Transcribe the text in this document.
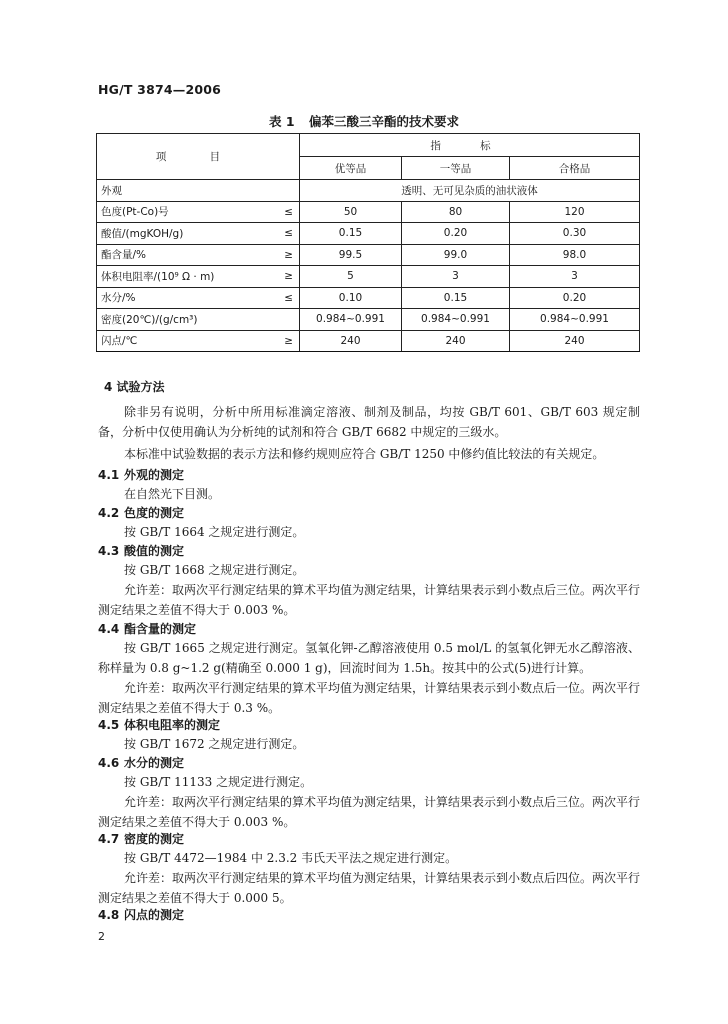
HG/T 3874—2006
表 1 偏苯三酸三辛酯的技术要求
项 目		指 标		
		优等品	一等品	合格品
外观		透明、无可见杂质的油状液体		
色度(Pt-Co)号	≤	50	80	120
酸值/(mgKOH/g)	≤	0.15	0.20	0.30
酯含量/%	≥	99.5	99.0	98.0
体积电阻率/(10⁹ Ω · m)	≥	5	3	3
水分/%	≤	0.10	0.15	0.20
密度(20℃)/(g/cm³)		0.984~0.991	0.984~0.991	0.984~0.991
闪点/℃	≥	240	240	240
4 试验方法
除非另有说明，分析中所用标准滴定溶液、制剂及制品，均按 GB/T 601、GB/T 603 规定制备，分析中仅使用确认为分析纯的试剂和符合 GB/T 6682 中规定的三级水。
本标准中试验数据的表示方法和修约规则应符合 GB/T 1250 中修约值比较法的有关规定。
4.1 外观的测定
在自然光下目测。
4.2 色度的测定
按 GB/T 1664 之规定进行测定。
4.3 酸值的测定
按 GB/T 1668 之规定进行测定。
允许差：取两次平行测定结果的算术平均值为测定结果，计算结果表示到小数点后三位。两次平行测定结果之差值不得大于 0.003 %。
4.4 酯含量的测定
按 GB/T 1665 之规定进行测定。氢氧化钾-乙醇溶液使用 0.5 mol/L 的氢氧化钾无水乙醇溶液、称样量为 0.8 g~1.2 g(精确至 0.000 1 g)，回流时间为 1.5h。按其中的公式(5)进行计算。
允许差：取两次平行测定结果的算术平均值为测定结果，计算结果表示到小数点后一位。两次平行测定结果之差值不得大于 0.3 %。
4.5 体积电阻率的测定
按 GB/T 1672 之规定进行测定。
4.6 水分的测定
按 GB/T 11133 之规定进行测定。
允许差：取两次平行测定结果的算术平均值为测定结果，计算结果表示到小数点后三位。两次平行测定结果之差值不得大于 0.003 %。
4.7 密度的测定
按 GB/T 4472—1984 中 2.3.2 韦氏天平法之规定进行测定。
允许差：取两次平行测定结果的算术平均值为测定结果，计算结果表示到小数点后四位。两次平行测定结果之差值不得大于 0.000 5。
4.8 闪点的测定
2
